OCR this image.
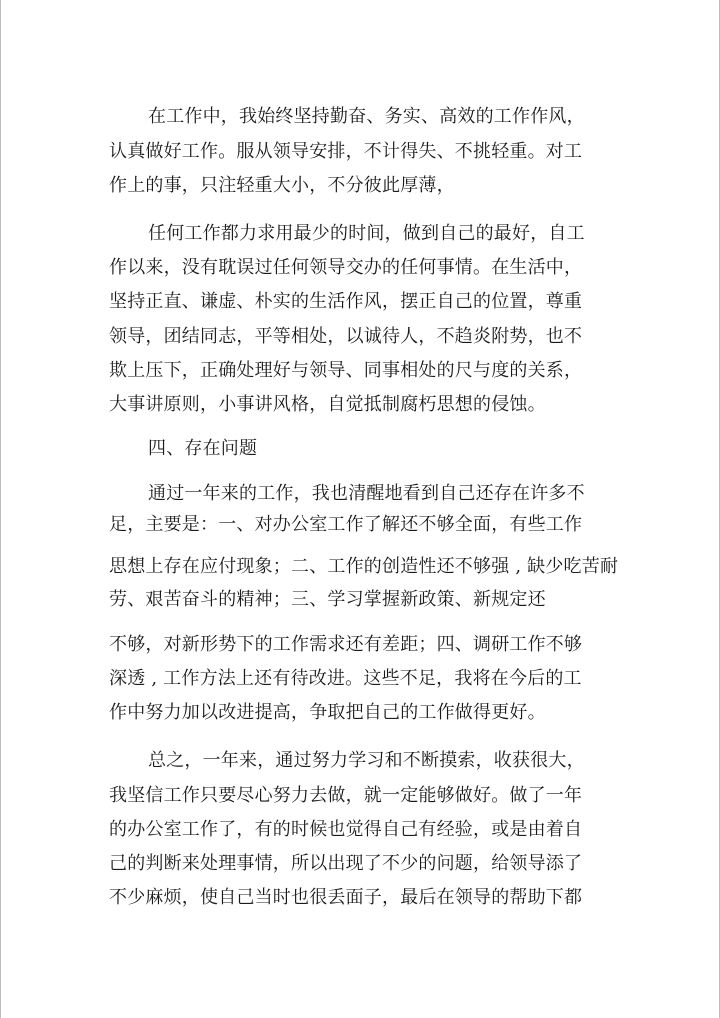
在工作中，我始终坚持勤奋、务实、高效的工作作风，
认真做好工作。服从领导安排，不计得失、不挑轻重。对工
作上的事，只注轻重大小，不分彼此厚薄，
任何工作都力求用最少的时间，做到自己的最好，自工
作以来，没有耽误过任何领导交办的任何事情。在生活中，
坚持正直、谦虚、朴实的生活作风，摆正自己的位置，尊重
领导，团结同志，平等相处，以诚待人，不趋炎附势，也不
欺上压下，正确处理好与领导、同事相处的尺与度的关系，
大事讲原则，小事讲风格，自觉抵制腐朽思想的侵蚀。
四、存在问题
通过一年来的工作，我也清醒地看到自己还存在许多不
足，主要是：一、对办公室工作了解还不够全面，有些工作
思想上存在应付现象；二、工作的创造性还不够强 , 缺少吃苦耐
劳、艰苦奋斗的精神；三、学习掌握新政策、新规定还
不够，对新形势下的工作需求还有差距；四、调研工作不够
深透 , 工作方法上还有待改进。这些不足，我将在今后的工
作中努力加以改进提高，争取把自己的工作做得更好。
总之，一年来，通过努力学习和不断摸索，收获很大，
我坚信工作只要尽心努力去做，就一定能够做好。做了一年
的办公室工作了，有的时候也觉得自己有经验，或是由着自
己的判断来处理事情，所以出现了不少的问题，给领导添了
不少麻烦，使自己当时也很丢面子，最后在领导的帮助下都
